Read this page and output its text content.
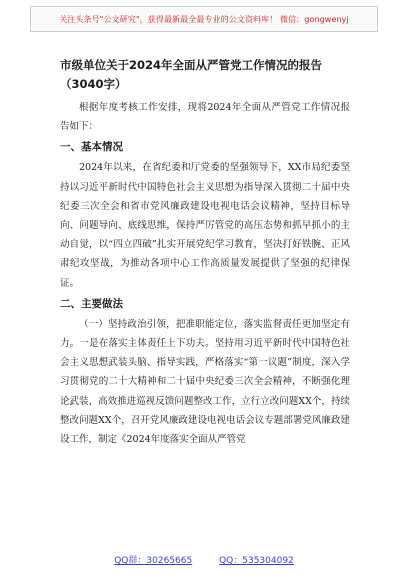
关注头条号"公文研究"，获得最新最全最专业的公文资料库！ 微信：gongwenyj
市级单位关于2024年全面从严管党工作情况的报告（3040字）

根据年度考核工作安排，现将2024年全面从严管党工作情况报告如下：

一、基本情况

2024年以来，在省纪委和厅党委的坚强领导下，XX市局纪委坚持以习近平新时代中国特色社会主义思想为指导深入贯彻二十届中央纪委三次全会和省市党风廉政建设电视电话会议精神，坚持目标导向、问题导向、底线思维，保持严厉管党的高压态势和抓早抓小的主动自觉，以“四立四破”扎实开展党纪学习教育，坚决打好铁腕、正风肃纪攻坚战，为推动各项中心工作高质量发展提供了坚强的纪律保证。

二、主要做法

（一）坚持政治引领，把准职能定位，落实监督责任更加坚定有力。一是在落实主体责任上下功夫。坚持用习近平新时代中国特色社会主义思想武装头脑、指导实践，严格落实“第一议题”制度，深入学习贯彻党的二十大精神和二十届中央纪委三次全会精神，不断强化理论武装，高效推进巡视反馈问题整改工作，立行立改问题XX个，持续整改问题XX个，召开党风廉政建设电视电话会议专题部署党风廉政建设工作，制定《2024年度落实全面从严管党

QQ群：30265665	QQ：535304092
